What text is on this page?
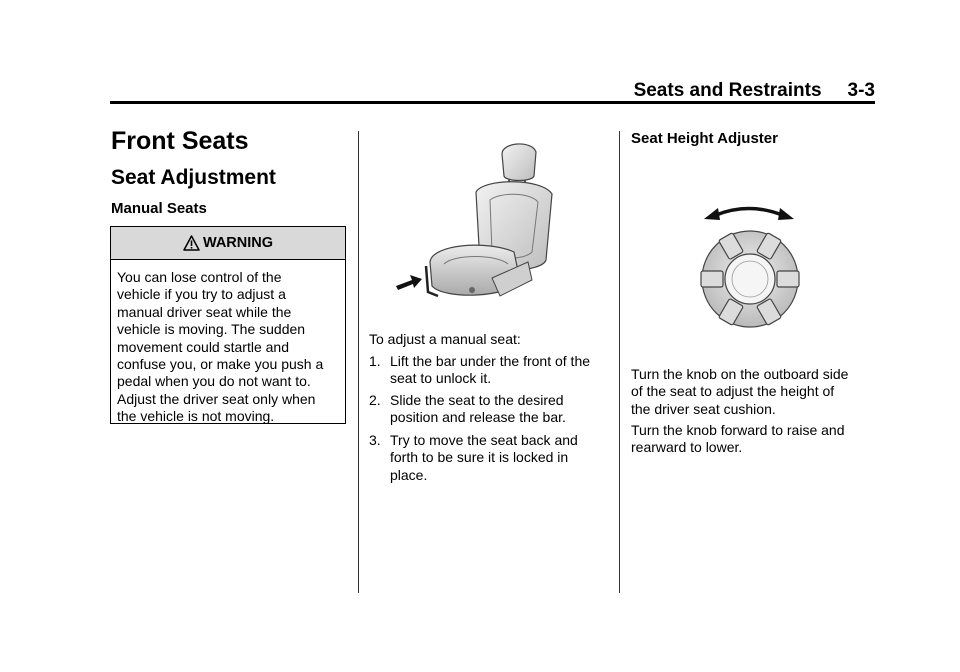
Seats and Restraints 3-3
Front Seats
Seat Adjustment
Manual Seats
WARNING
You can lose control of the
vehicle if you try to adjust a
manual driver seat while the
vehicle is moving. The sudden
movement could startle and
confuse you, or make you push a
pedal when you do not want to.
Adjust the driver seat only when
the vehicle is not moving.
To adjust a manual seat:
1. Lift the bar under the front of the
seat to unlock it.
2. Slide the seat to the desired
position and release the bar.
3. Try to move the seat back and
forth to be sure it is locked in
place.
Seat Height Adjuster
Turn the knob on the outboard side
of the seat to adjust the height of
the driver seat cushion.
Turn the knob forward to raise and
rearward to lower.
